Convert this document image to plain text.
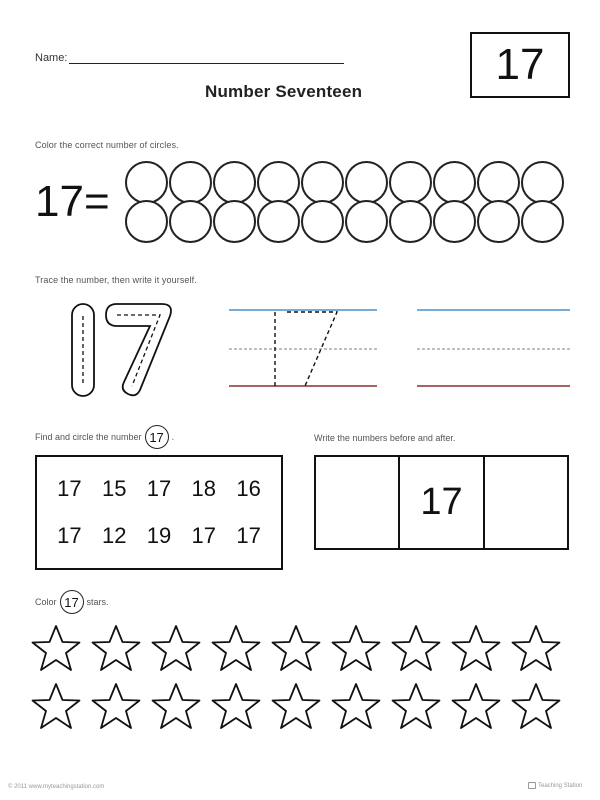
Name:
Number Seventeen
17
Color the correct number of circles.
17=
Trace the number, then write it yourself.
Find and circle the number 17 .
17 15 17 18 16
17 12 19 17 17
Write the numbers before and after.
17
Color 17 stars.
© 2011 www.myteachingstation.com	Teaching Station
